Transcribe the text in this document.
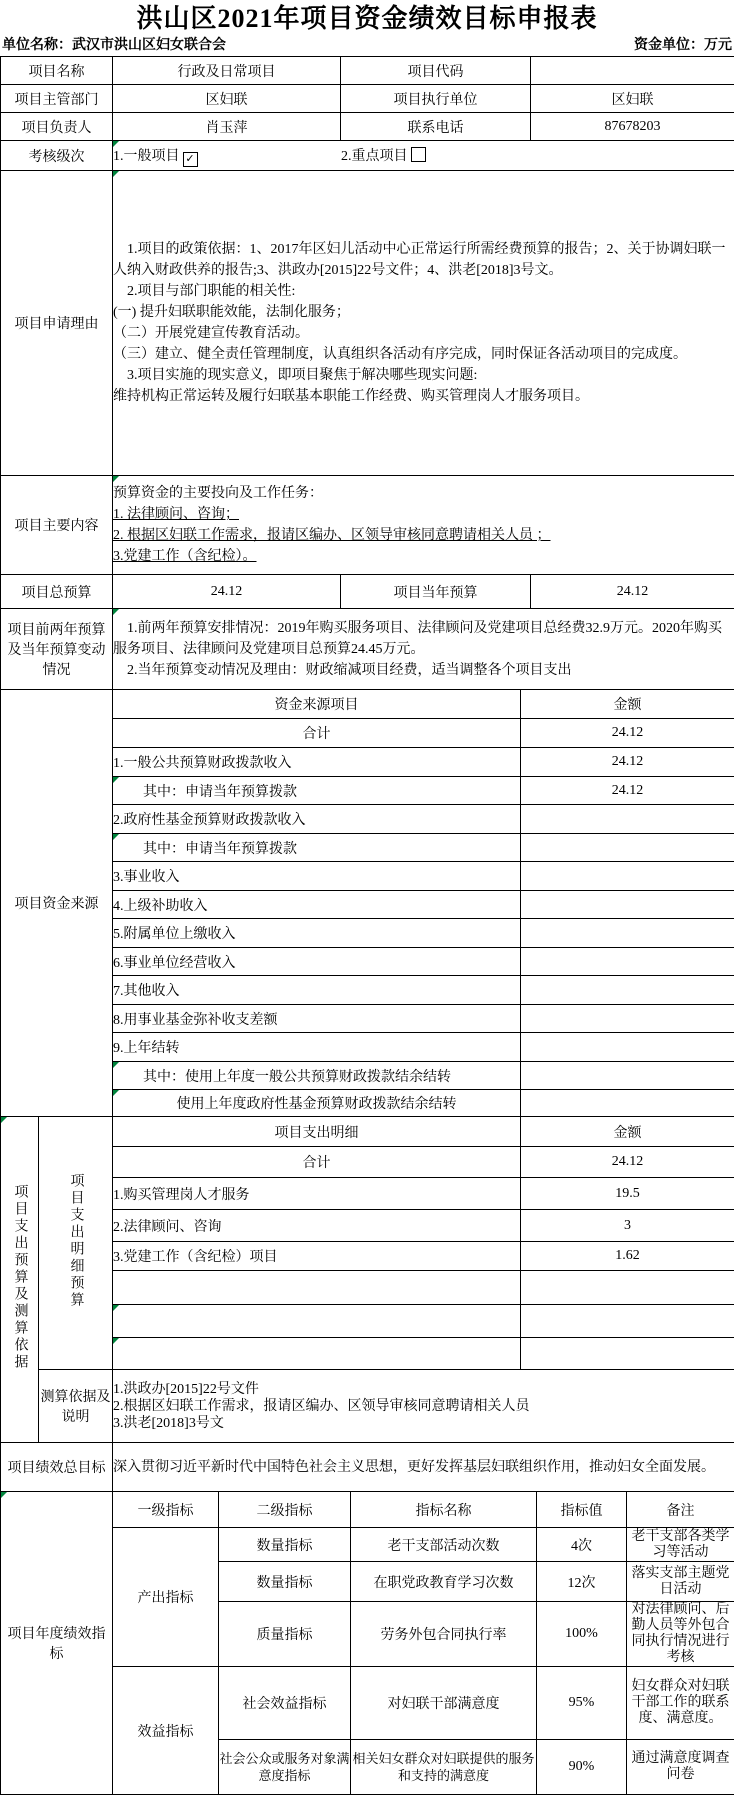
洪山区2021年项目资金绩效目标申报表
单位名称：武汉市洪山区妇女联合会	资金单位：万元
项目名称	行政及日常项目	项目代码	
项目主管部门	区妇联	项目执行单位	区妇联
项目负责人	肖玉萍	联系电话	87678203
考核级次	1.一般项目 ✓ 2.重点项目		
项目申请理由	
　1.项目的政策依据：1、2017年区妇儿活动中心正常运行所需经费预算的报告；2、关于协调妇联一人纳入财政供养的报告;3、洪政办[2015]22号文件；4、洪老[2018]3号文。
　2.项目与部门职能的相关性:
(一) 提升妇联职能效能，法制化服务；
（二）开展党建宣传教育活动。
（三）建立、健全责任管理制度，认真组织各活动有序完成，同时保证各活动项目的完成度。
　3.项目实施的现实意义，即项目聚焦于解决哪些现实问题:
维持机构正常运转及履行妇联基本职能工作经费、购买管理岗人才服务项目。

项目主要内容	预算资金的主要投向及工作任务：
1. 法律顾问、咨询；
2. 根据区妇联工作需求，报请区编办、区领导审核同意聘请相关人员 ；
3.党建工作（含纪检）。		

项目总预算	24.12	项目当年预算	24.12
项目前两年预算及当年预算变动情况	　1.前两年预算安排情况：2019年购买服务项目、法律顾问及党建项目总经费32.9万元。2020年购买服务项目、法律顾问及党建项目总预算24.45万元。
　2.当年预算变动情况及理由：财政缩减项目经费，适当调整各个项目支出		
项目资金来源	资金来源项目	金额
	合计	24.12
	1.一般公共预算财政拨款收入	24.12

其中：申请当年预算拨款	24.12
	2.政府性基金预算财政拨款收入	

其中：申请当年预算拨款	
	3.事业收入	
	4.上级补助收入	
	5.附属单位上缴收入	
	6.事业单位经营收入	
	7.其他收入	
	8.用事业基金弥补收支差额	
	9.上年结转	

其中：使用上年度一般公共预算财政拨款结余结转	

使用上年度政府性基金预算财政拨款结余结转	
项目支出预算及测算依据	项目支出明细预算	项目支出明细	金额
		合计	24.12
		1.购买管理岗人才服务	19.5
		2.法律顾问、咨询	3
		3.党建工作（含纪检）项目	1.62

	测算依据及说明	1.洪政办[2015]22号文件
2.根据区妇联工作需求，报请区编办、区领导审核同意聘请相关人员
3.洪老[2018]3号文	
项目绩效总目标	深入贯彻习近平新时代中国特色社会主义思想，更好发挥基层妇联组织作用，推动妇女全面发展。
项目年度绩效指标	一级指标	二级指标	指标名称	指标值	备注
	产出指标	数量指标	老干支部活动次数	4次	老干支部各类学习等活动
		数量指标	在职党政教育学习次数	12次	落实支部主题党日活动
		质量指标	劳务外包合同执行率	100%	对法律顾问、后勤人员等外包合同执行情况进行考核
	效益指标	社会效益指标	对妇联干部满意度	95%	妇女群众对妇联干部工作的联系度、满意度。
		社会公众或服务对象满意度指标	相关妇女群众对妇联提供的服务和支持的满意度	90%	通过满意度调查问卷
